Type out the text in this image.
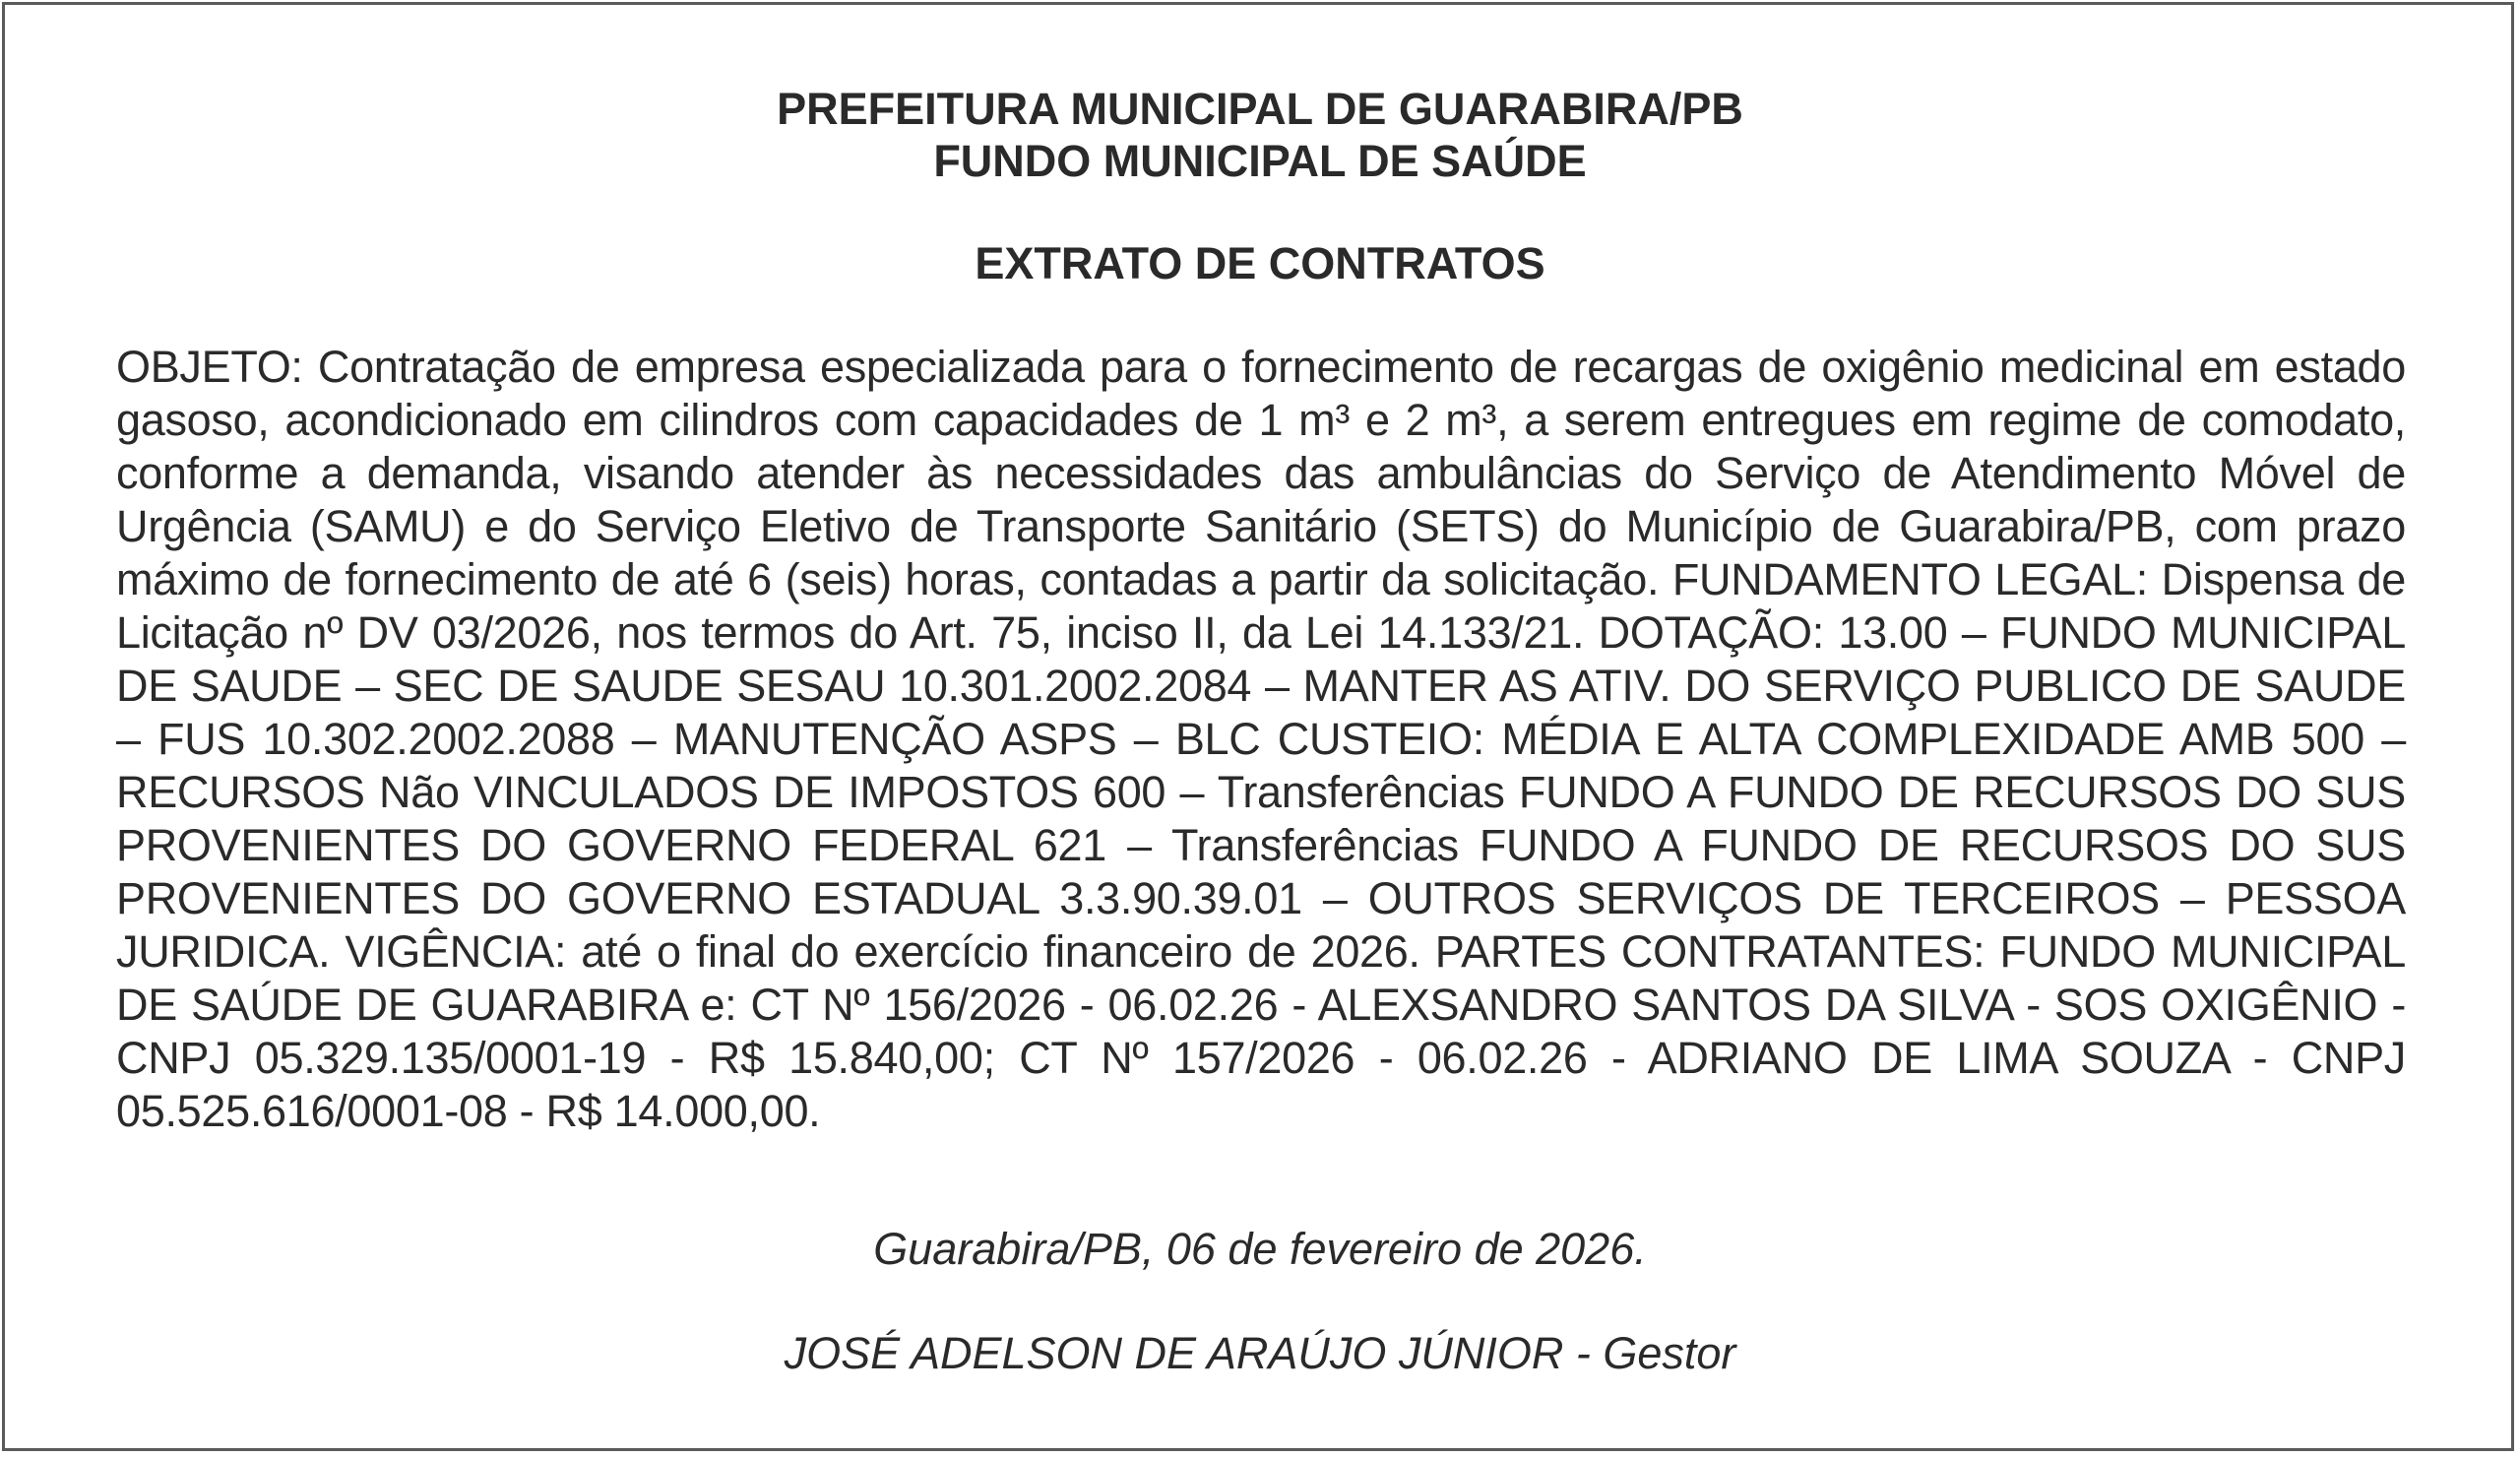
PREFEITURA MUNICIPAL DE GUARABIRA/PB
FUNDO MUNICIPAL DE SAÚDE
EXTRATO DE CONTRATOS

OBJETO: Contratação de empresa especializada para o fornecimento de recargas de oxigênio medicinal em estado gasoso, acondicionado em cilindros com capacidades de 1 m³ e 2 m³, a serem entregues em regime de comodato, conforme a demanda, visando atender às necessidades das ambulâncias do Serviço de Atendimento Móvel de Urgência (SAMU) e do Serviço Eletivo de Transporte Sanitário (SETS) do Município de Guarabira/PB, com prazo máximo de fornecimento de até 6 (seis) horas, contadas a partir da solicitação. FUNDAMENTO LEGAL: Dispensa de Licitação nº DV 03/2026, nos termos do Art. 75, inciso II, da Lei 14.133/21. DOTAÇÃO: 13.00 – FUNDO MUNICIPAL DE SAUDE – SEC DE SAUDE SESAU 10.301.2002.2084 – MANTER AS ATIV. DO SERVIÇO PUBLICO DE SAUDE – FUS 10.302.2002.2088 – MANUTENÇÃO ASPS – BLC CUSTEIO: MÉDIA E ALTA COMPLEXIDADE AMB 500 – RECURSOS Não VINCULADOS DE IMPOSTOS 600 – Transferências FUNDO A FUNDO DE RECURSOS DO SUS PROVENIENTES DO GOVERNO FEDERAL 621 – Transferências FUNDO A FUNDO DE RECURSOS DO SUS PROVENIENTES DO GOVERNO ESTADUAL 3.3.90.39.01 – OUTROS SERVIÇOS DE TERCEIROS – PESSOA JURIDICA. VIGÊNCIA: até o final do exercício financeiro de 2026. PARTES CONTRATANTES: FUNDO MUNICIPAL DE SAÚDE DE GUARABIRA e: CT Nº 156/2026 - 06.02.26 - ALEXSANDRO SANTOS DA SILVA - SOS OXIGÊNIO - CNPJ 05.329.135/0001-19 - R$ 15.840,00; CT Nº 157/2026 - 06.02.26 - ADRIANO DE LIMA SOUZA - CNPJ 05.525.616/0001-08 - R$ 14.000,00.

Guarabira/PB, 06 de fevereiro de 2026.

JOSÉ ADELSON DE ARAÚJO JÚNIOR - Gestor
